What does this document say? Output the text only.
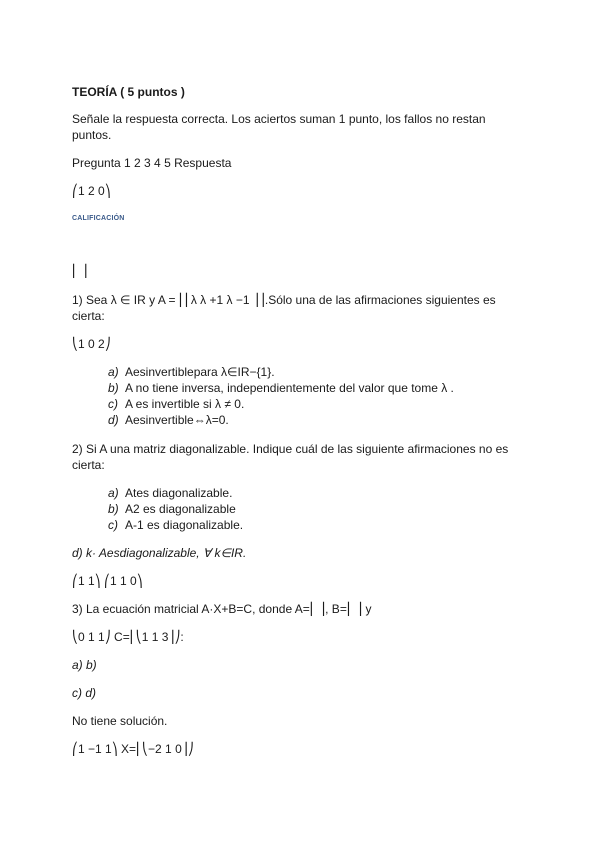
TEORÍA ( 5 puntos )
Señale la respuesta correcta. Los aciertos suman 1 punto, los fallos no restan
puntos.
Pregunta 1 2 3 4 5 Respuesta
⎛1 2 0⎞
CALIFICACIÓN
⎜ ⎟
1) Sea λ ∈ IR y A = ⎜⎜λ λ +1 λ −1 ⎟⎟.Sólo una de las afirmaciones siguientes es
cierta:
⎝1 0 2⎠
a) Aesinvertiblepara λ∈IR−{1}.
b) A no tiene inversa, independientemente del valor que tome λ .
c) A es invertible si λ ≠ 0.
d) Aesinvertible⇔λ=0.
2) Si A una matriz diagonalizable. Indique cuál de las siguiente afirmaciones no es
cierta:
a) Ates diagonalizable.
b) A2 es diagonalizable
c) A-1 es diagonalizable.
d) k· Aesdiagonalizable, ∀ k∈IR.
⎛1 1⎞ ⎛1 1 0⎞
3) La ecuación matricial A·X+B=C, donde A=⎜ ⎟, B=⎜ ⎟ y
⎝0 1 1⎠ C=⎜⎝1 1 3⎟⎠:
a) b)
c) d)
No tiene solución.
⎛1 −1 1⎞ X=⎜⎝−2 1 0⎟⎠
